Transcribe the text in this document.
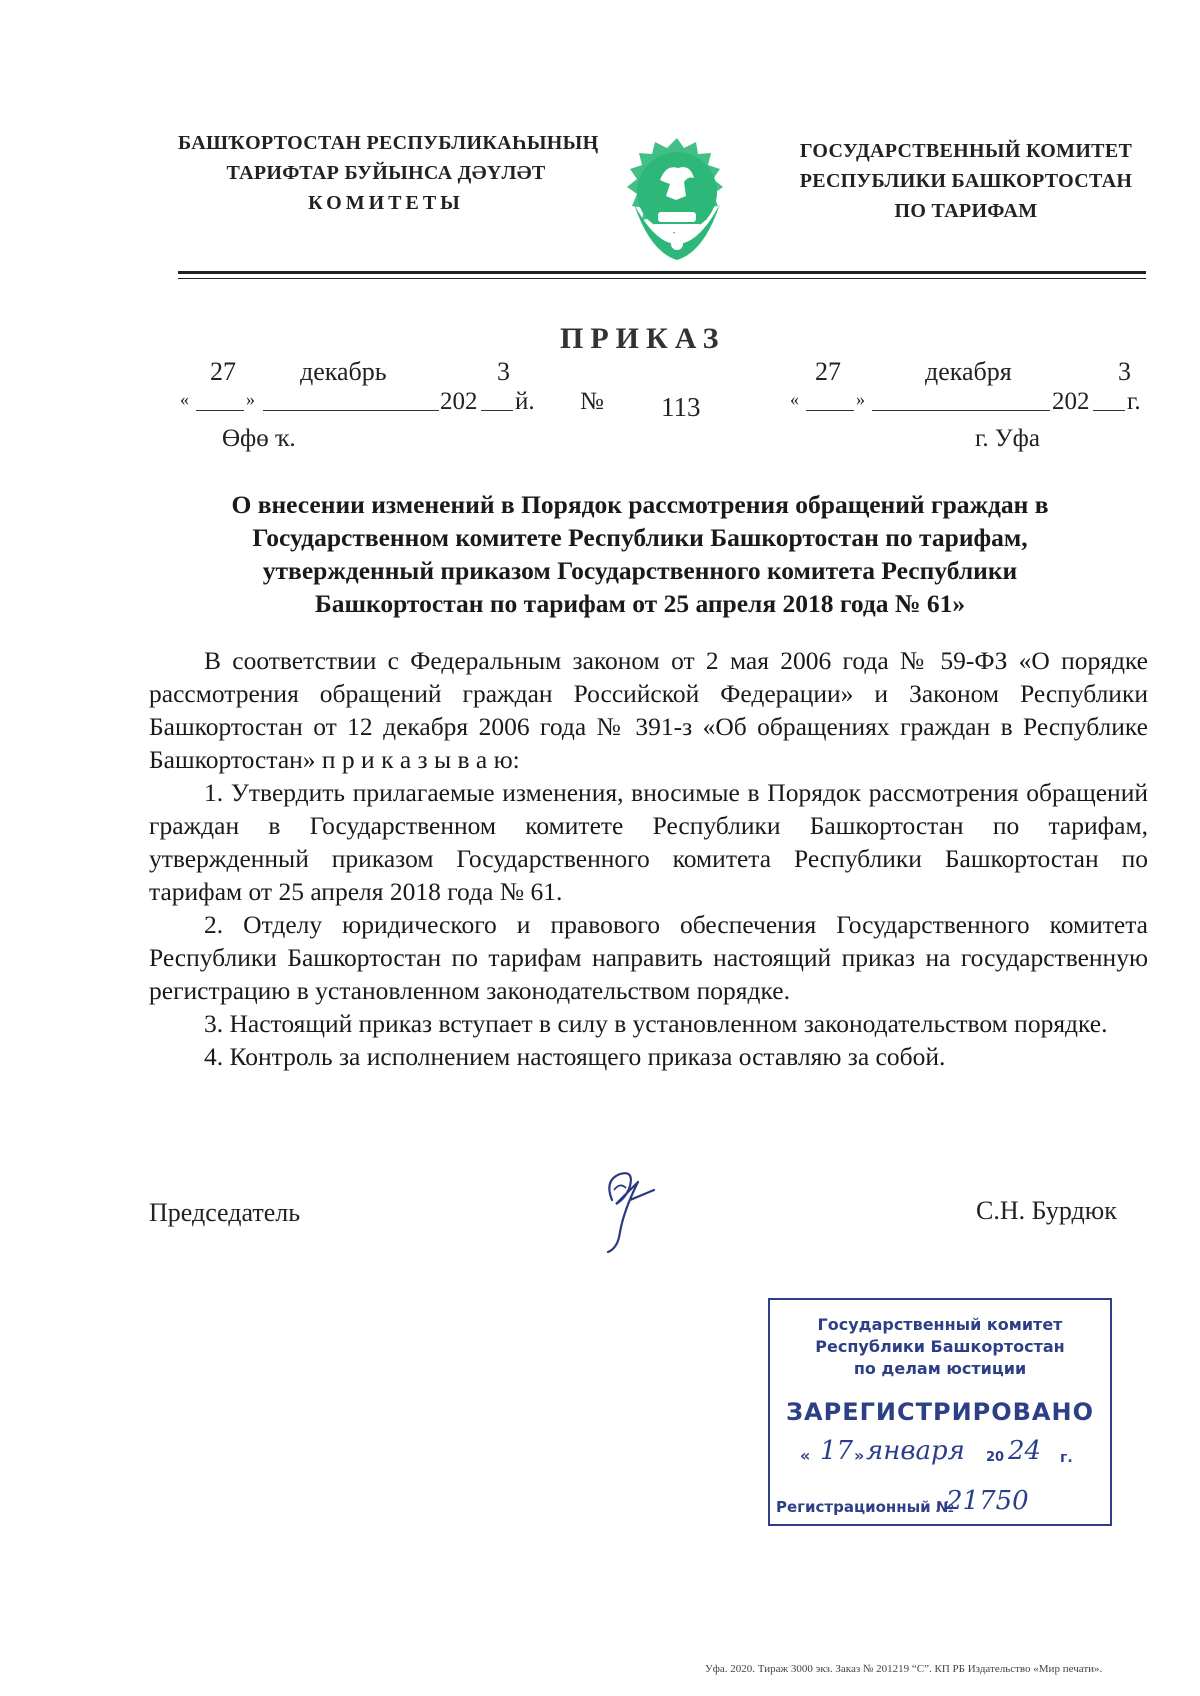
БАШҠОРТОСТАН РЕСПУБЛИКАҺЫНЫҢ
ТАРИФТАР БУЙЫНСА ДӘҮЛӘТ
КОМИТЕТЫ
ГОСУДАРСТВЕННЫЙ КОМИТЕТ
РЕСПУБЛИКИ БАШКОРТОСТАН
ПО ТАРИФАМ
ПРИКАЗ
27 декабрь	3
«	»	202 й. № 113
27	декабря	3
«	»	202 г.
Өфө ҡ.	г. Уфа
О внесении изменений в Порядок рассмотрения обращений граждан в
Государственном комитете Республики Башкортостан по тарифам,
утвержденный приказом Государственного комитета Республики
Башкортостан по тарифам от 25 апреля 2018 года № 61»

В соответствии с Федеральным законом от 2 мая 2006 года № 59-ФЗ «О порядке рассмотрения обращений граждан Российской Федерации» и Законом Республики Башкортостан от 12 декабря 2006 года № 391-з «Об обращениях граждан в Республике Башкортостан» п р и к а з ы в а ю:

1. Утвердить прилагаемые изменения, вносимые в Порядок рассмотрения обращений граждан в Государственном комитете Республики Башкортостан по тарифам, утвержденный приказом Государственного комитета Республики Башкортостан по тарифам от 25 апреля 2018 года № 61.

2. Отделу юридического и правового обеспечения Государственного комитета Республики Башкортостан по тарифам направить настоящий приказ на государственную регистрацию в установленном законодательством порядке.

3. Настоящий приказ вступает в силу в установленном законодательством порядке.

4. Контроль за исполнением настоящего приказа оставляю за собой.

Председатель	С.Н. Бурдюк
Государственный комитет
Республики Башкортостан
по делам юстиции
ЗАРЕГИСТРИРОВАНО
« 17 » января 20 24 г.
Регистрационный №
21750
Уфа. 2020. Тираж 3000 экз. Заказ № 201219 “С”. КП РБ Издательство «Мир печати».
